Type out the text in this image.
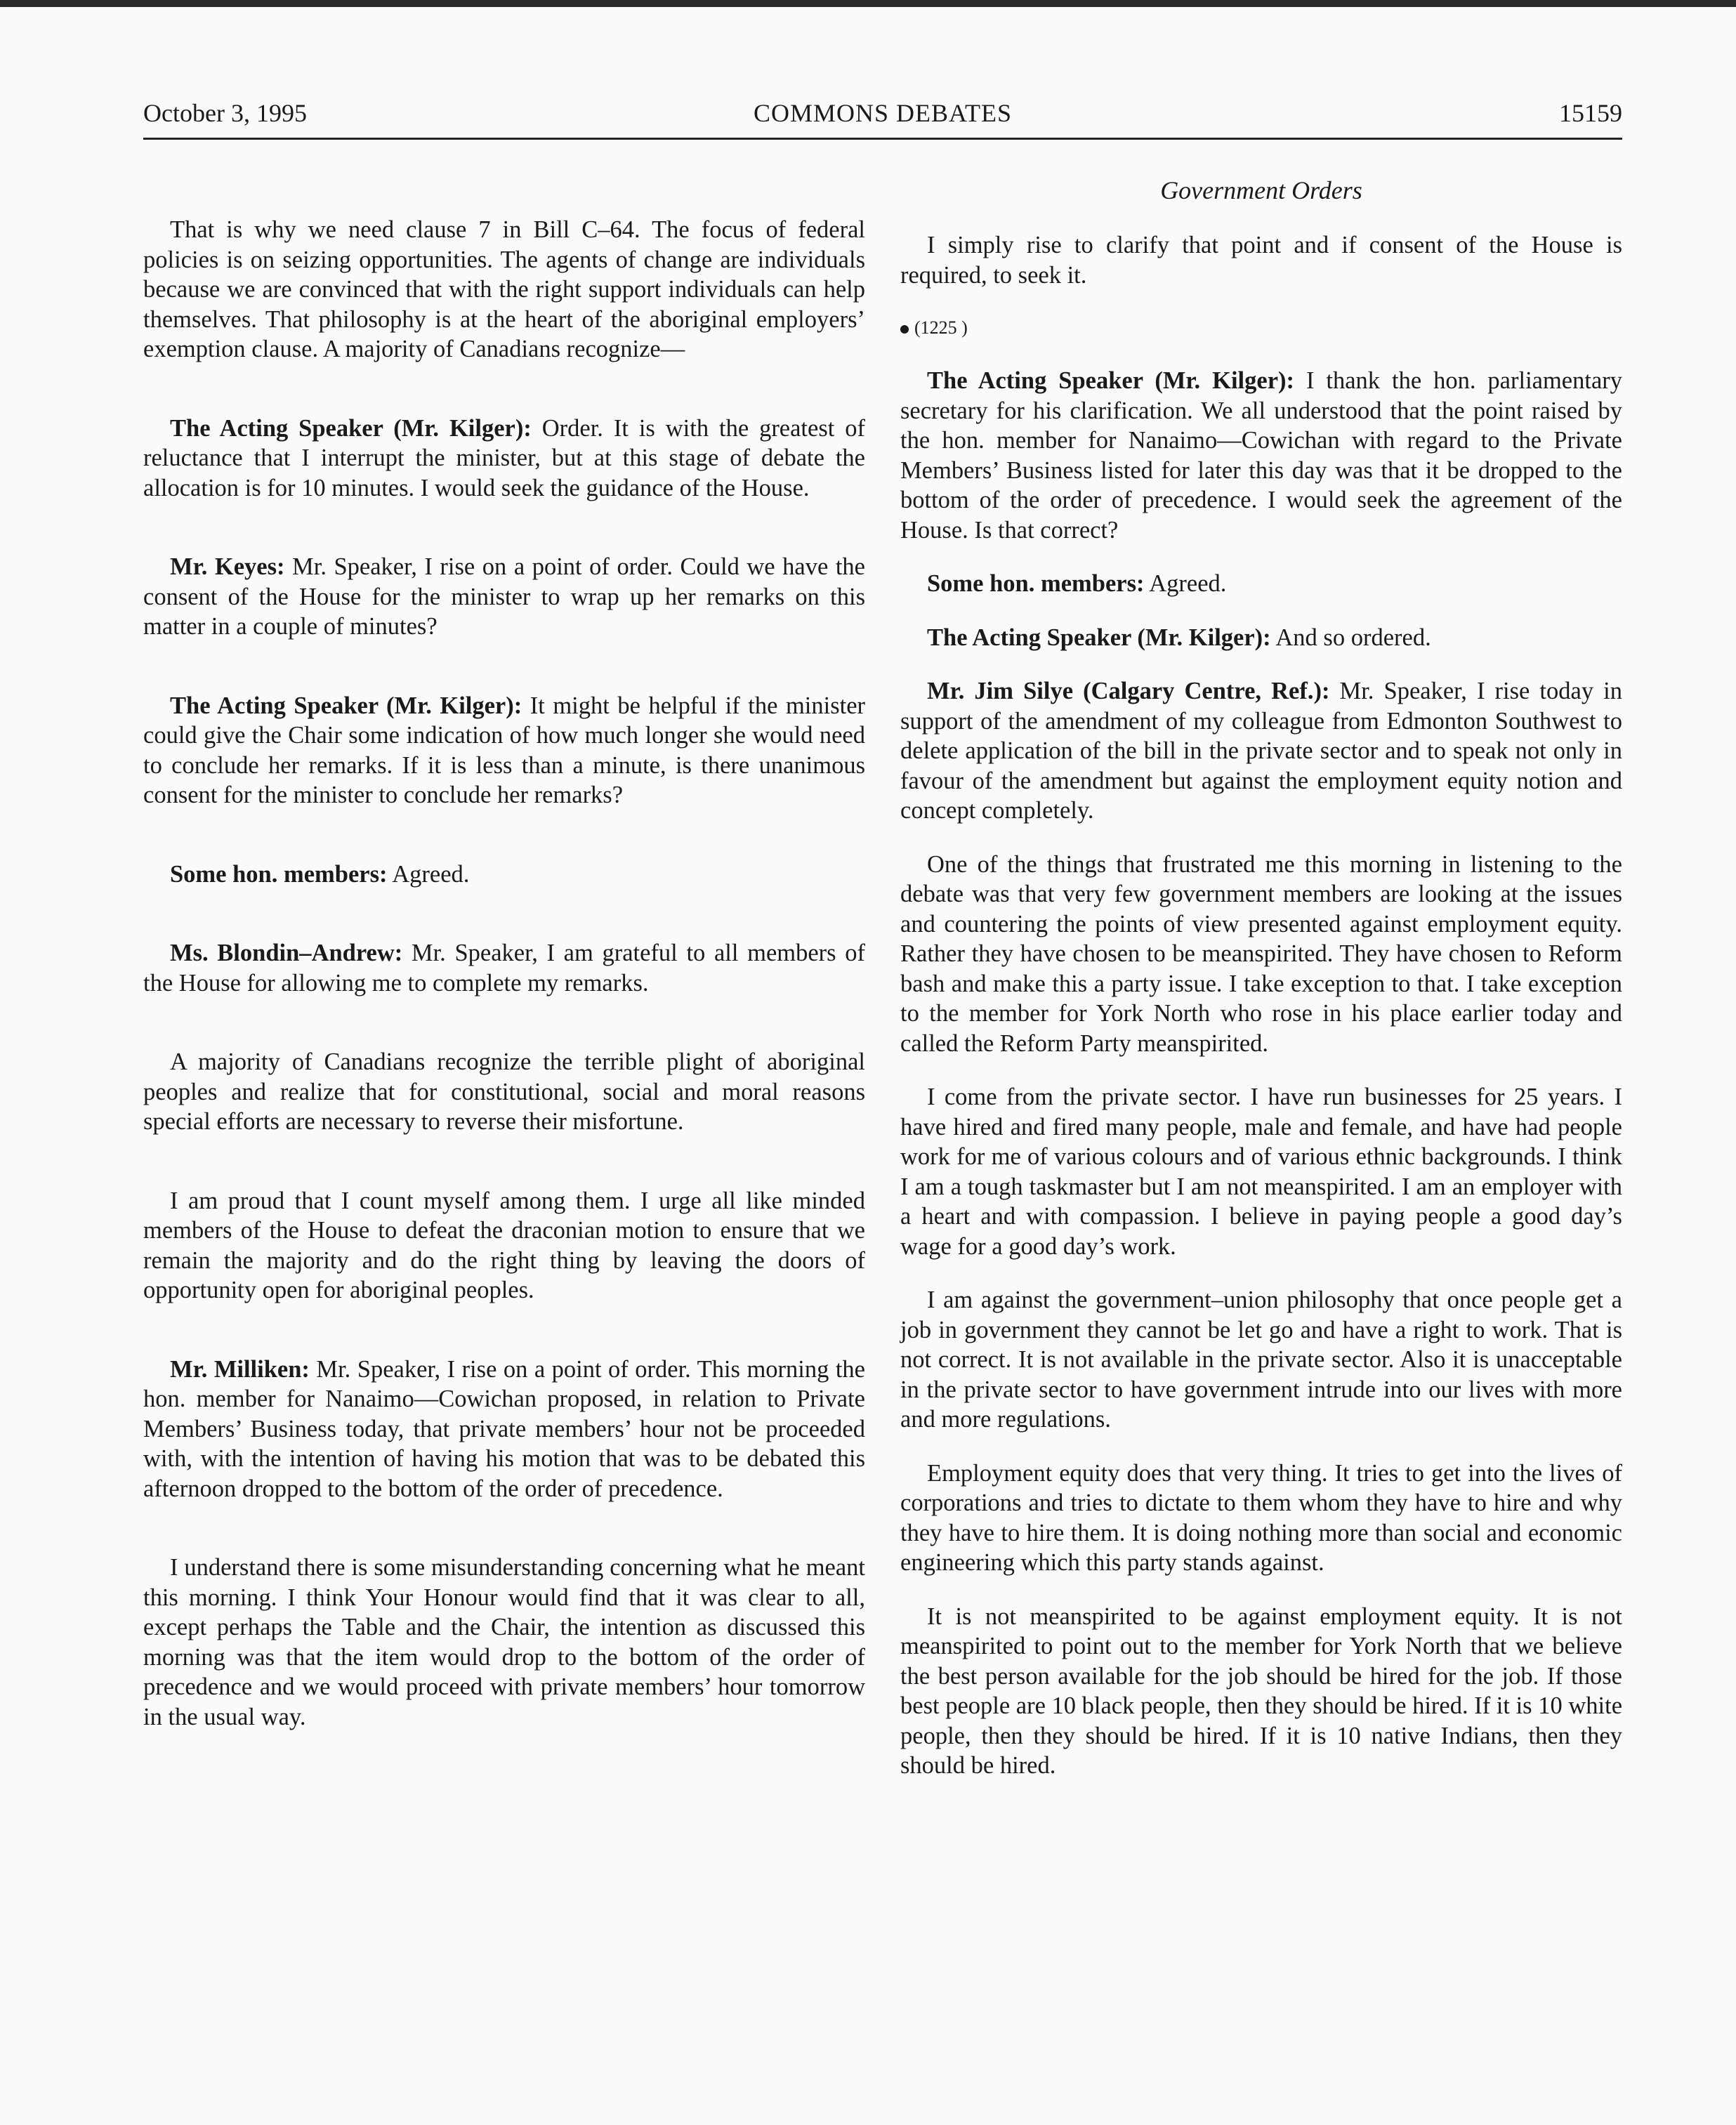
COMMONS DEBATES
October 3, 1995	15159
Government Orders

That is why we need clause 7 in Bill C–64. The focus of federal policies is on seizing opportunities. The agents of change are individuals because we are convinced that with the right support individuals can help themselves. That philosophy is at the heart of the aboriginal employers’ exemption clause. A majority of Canadians recognize—

The Acting Speaker (Mr. Kilger): Order. It is with the greatest of reluctance that I interrupt the minister, but at this stage of debate the allocation is for 10 minutes. I would seek the guidance of the House.

Mr. Keyes: Mr. Speaker, I rise on a point of order. Could we have the consent of the House for the minister to wrap up her remarks on this matter in a couple of minutes?

The Acting Speaker (Mr. Kilger): It might be helpful if the minister could give the Chair some indication of how much longer she would need to conclude her remarks. If it is less than a minute, is there unanimous consent for the minister to conclude her remarks?

Some hon. members: Agreed.

Ms. Blondin–Andrew: Mr. Speaker, I am grateful to all members of the House for allowing me to complete my remarks.

A majority of Canadians recognize the terrible plight of aboriginal peoples and realize that for constitutional, social and moral reasons special efforts are necessary to reverse their misfortune.

I am proud that I count myself among them. I urge all like minded members of the House to defeat the draconian motion to ensure that we remain the majority and do the right thing by leaving the doors of opportunity open for aboriginal peoples.

Mr. Milliken: Mr. Speaker, I rise on a point of order. This morning the hon. member for Nanaimo—Cowichan proposed, in relation to Private Members’ Business today, that private members’ hour not be proceeded with, with the intention of having his motion that was to be debated this afternoon dropped to the bottom of the order of precedence.

I understand there is some misunderstanding concerning what he meant this morning. I think Your Honour would find that it was clear to all, except perhaps the Table and the Chair, the intention as discussed this morning was that the item would drop to the bottom of the order of precedence and we would proceed with private members’ hour tomorrow in the usual way.

I simply rise to clarify that point and if consent of the House is required, to seek it.

(1225 )

The Acting Speaker (Mr. Kilger): I thank the hon. parliamentary secretary for his clarification. We all understood that the point raised by the hon. member for Nanaimo—Cowichan with regard to the Private Members’ Business listed for later this day was that it be dropped to the bottom of the order of precedence. I would seek the agreement of the House. Is that correct?

Some hon. members: Agreed.

The Acting Speaker (Mr. Kilger): And so ordered.

Mr. Jim Silye (Calgary Centre, Ref.): Mr. Speaker, I rise today in support of the amendment of my colleague from Edmonton Southwest to delete application of the bill in the private sector and to speak not only in favour of the amendment but against the employment equity notion and concept completely.

One of the things that frustrated me this morning in listening to the debate was that very few government members are looking at the issues and countering the points of view presented against employment equity. Rather they have chosen to be meanspirited. They have chosen to Reform bash and make this a party issue. I take exception to that. I take exception to the member for York North who rose in his place earlier today and called the Reform Party meanspirited.

I come from the private sector. I have run businesses for 25 years. I have hired and fired many people, male and female, and have had people work for me of various colours and of various ethnic backgrounds. I think I am a tough taskmaster but I am not meanspirited. I am an employer with a heart and with compassion. I believe in paying people a good day’s wage for a good day’s work.

I am against the government–union philosophy that once people get a job in government they cannot be let go and have a right to work. That is not correct. It is not available in the private sector. Also it is unacceptable in the private sector to have government intrude into our lives with more and more regulations.

Employment equity does that very thing. It tries to get into the lives of corporations and tries to dictate to them whom they have to hire and why they have to hire them. It is doing nothing more than social and economic engineering which this party stands against.

It is not meanspirited to be against employment equity. It is not meanspirited to point out to the member for York North that we believe the best person available for the job should be hired for the job. If those best people are 10 black people, then they should be hired. If it is 10 white people, then they should be hired. If it is 10 native Indians, then they should be hired.
